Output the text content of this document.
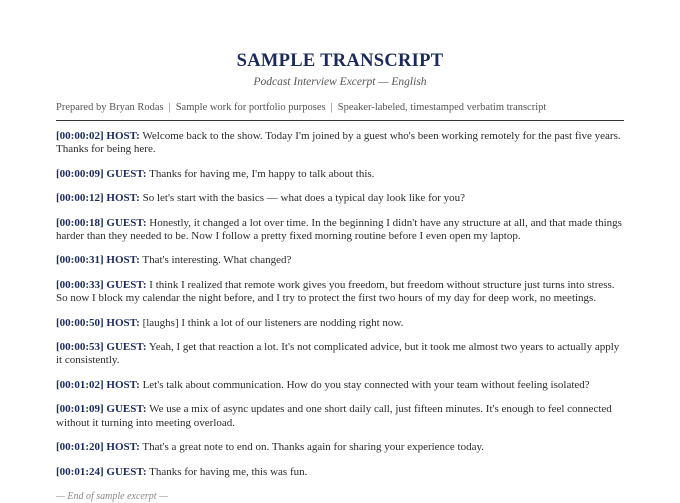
SAMPLE TRANSCRIPT
Podcast Interview Excerpt — English
Prepared by Bryan Rodas | Sample work for portfolio purposes | Speaker-labeled, timestamped verbatim transcript

[00:00:02] HOST: Welcome back to the show. Today I'm joined by a guest who's been working remotely for the past five years. Thanks for being here.

[00:00:09] GUEST: Thanks for having me, I'm happy to talk about this.

[00:00:12] HOST: So let's start with the basics — what does a typical day look like for you?

[00:00:18] GUEST: Honestly, it changed a lot over time. In the beginning I didn't have any structure at all, and that made things harder than they needed to be. Now I follow a pretty fixed morning routine before I even open my laptop.

[00:00:31] HOST: That's interesting. What changed?

[00:00:33] GUEST: I think I realized that remote work gives you freedom, but freedom without structure just turns into stress. So now I block my calendar the night before, and I try to protect the first two hours of my day for deep work, no meetings.

[00:00:50] HOST: [laughs] I think a lot of our listeners are nodding right now.

[00:00:53] GUEST: Yeah, I get that reaction a lot. It's not complicated advice, but it took me almost two years to actually apply it consistently.

[00:01:02] HOST: Let's talk about communication. How do you stay connected with your team without feeling isolated?

[00:01:09] GUEST: We use a mix of async updates and one short daily call, just fifteen minutes. It's enough to feel connected without it turning into meeting overload.

[00:01:20] HOST: That's a great note to end on. Thanks again for sharing your experience today.

[00:01:24] GUEST: Thanks for having me, this was fun.

— End of sample excerpt —
